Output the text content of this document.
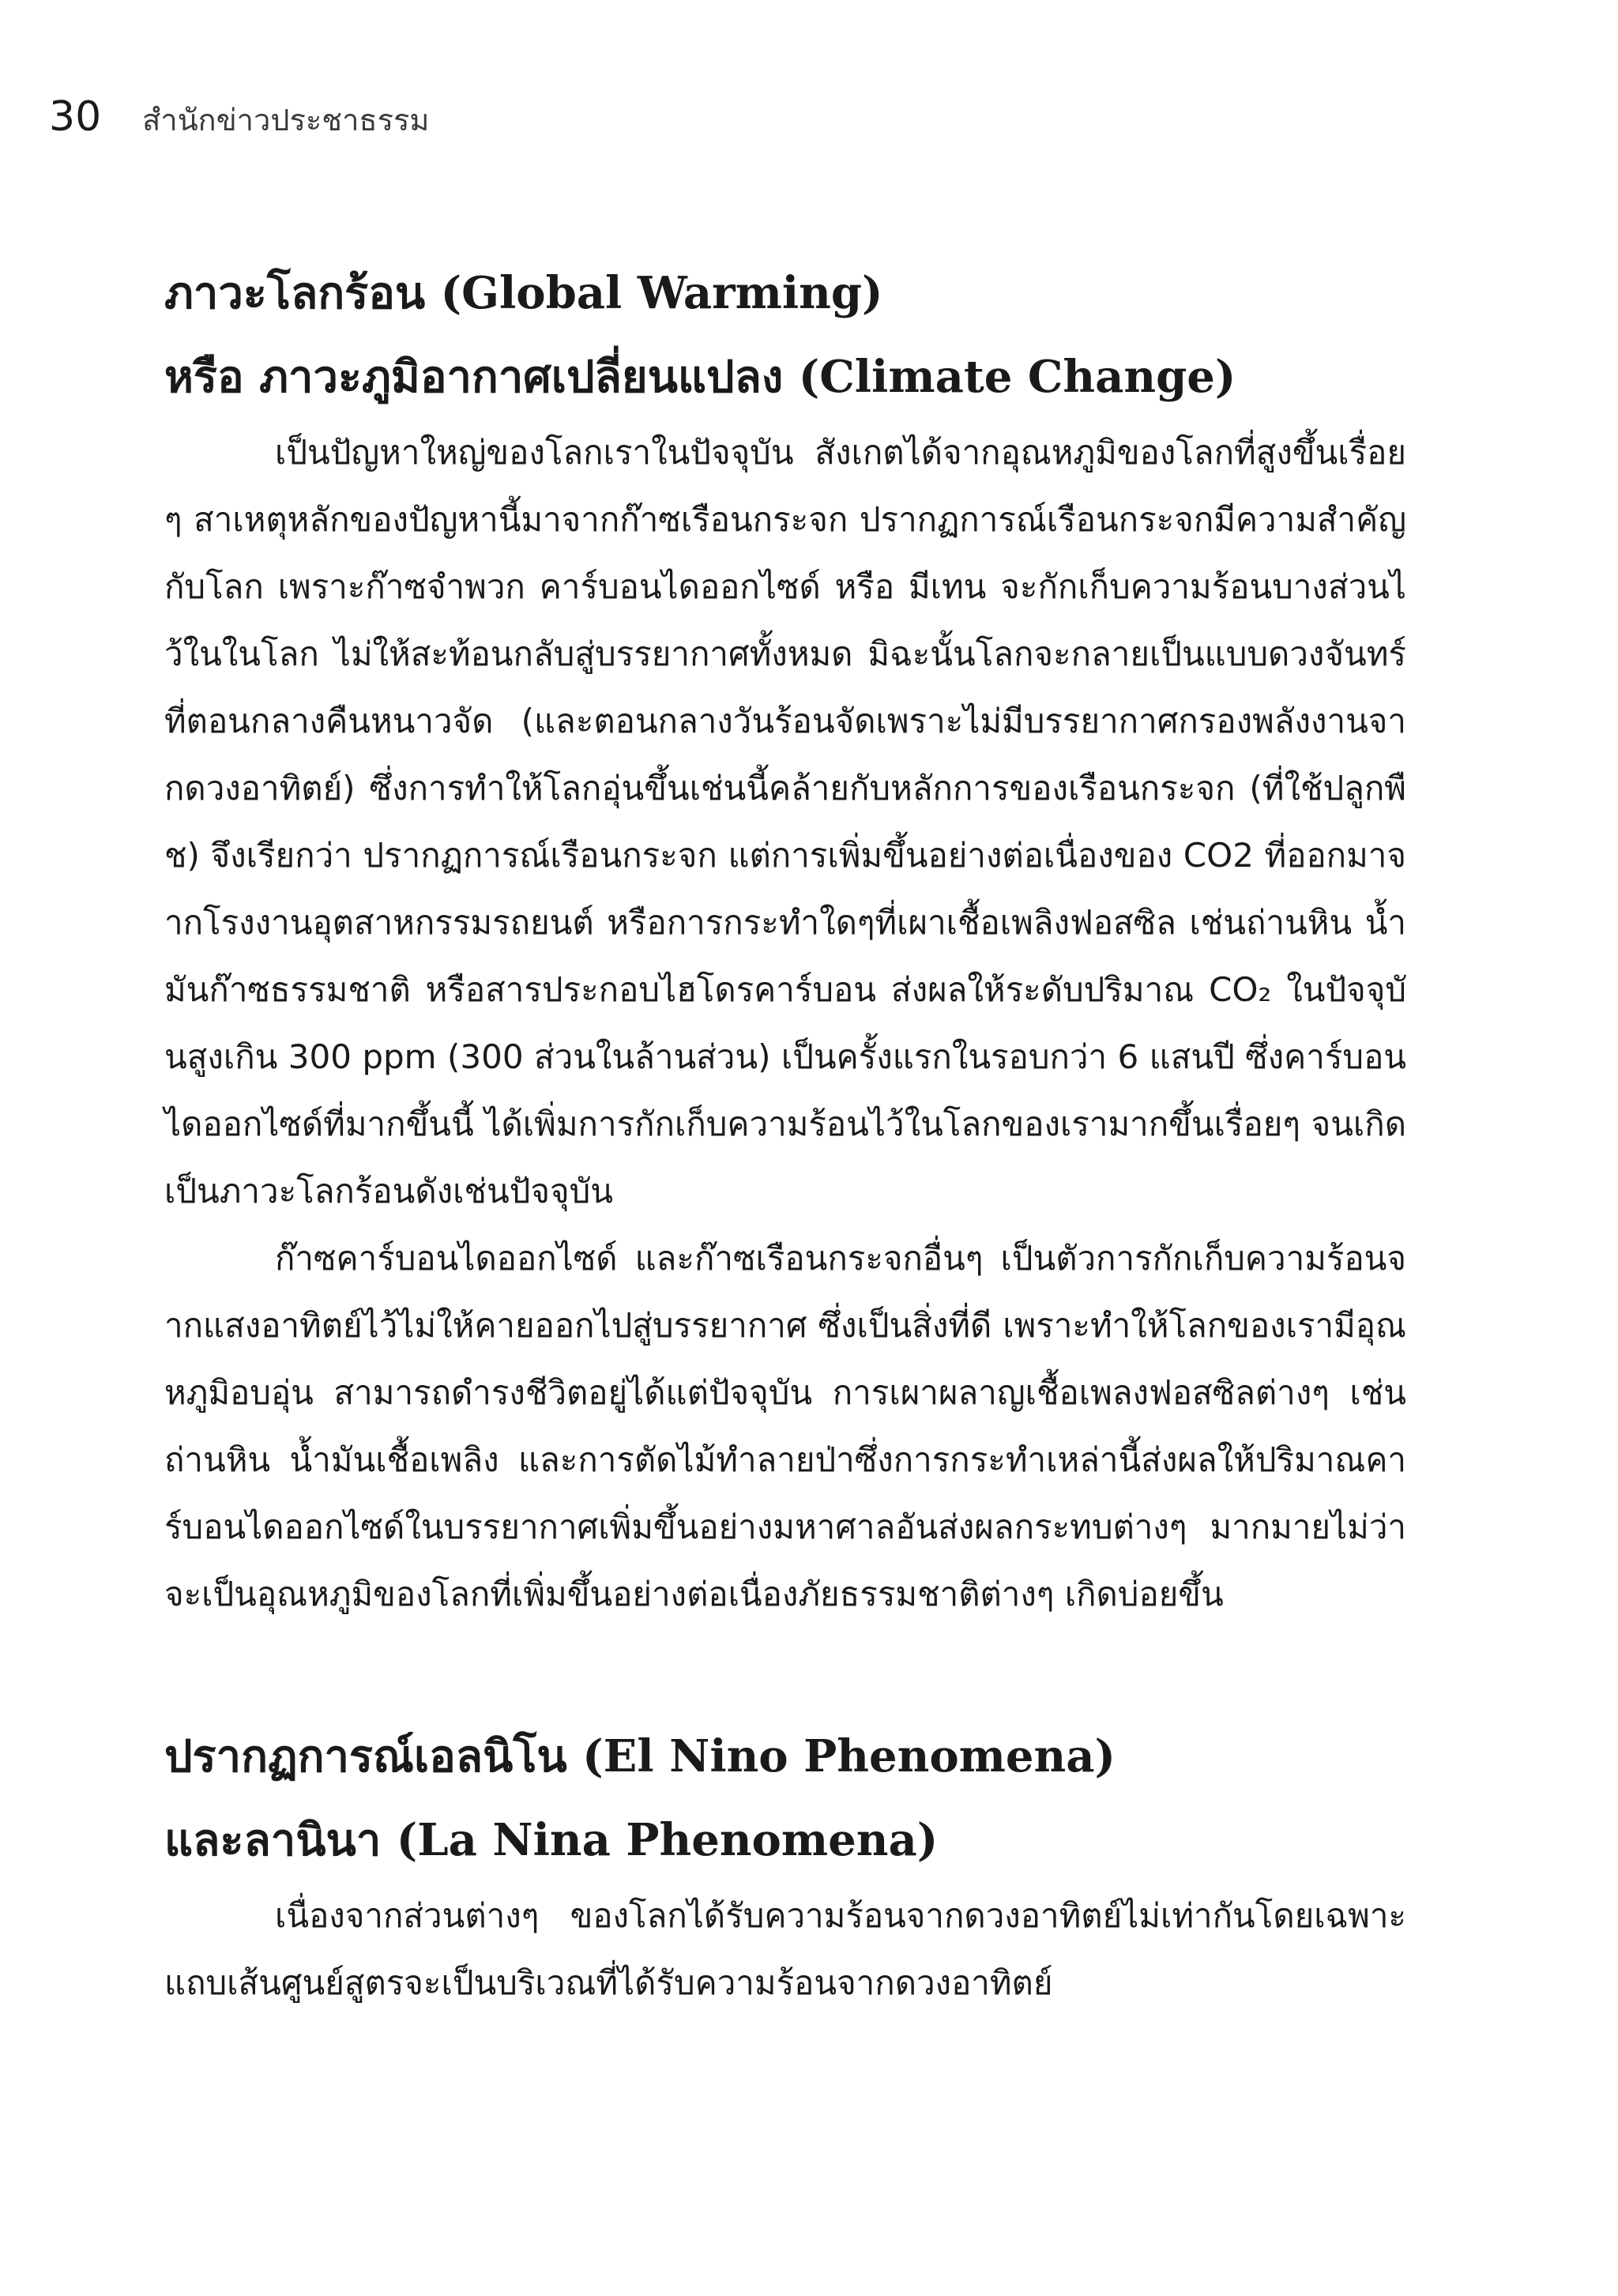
30 สำนักข่าวประชาธรรม
ภาวะโลกร้อน (Global Warming)
หรือ ภาวะภูมิอากาศเปลี่ยนแปลง (Climate Change)

เป็นปัญหาใหญ่ของโลกเราในปัจจุบัน สังเกตได้จากอุณหภูมิของโลกที่สูงขึ้นเรื่อยๆ สาเหตุหลักของปัญหานี้มาจากก๊าซเรือนกระจก ปรากฏการณ์เรือนกระจกมีความสำคัญกับโลก เพราะก๊าซจำพวก คาร์บอนไดออกไซด์ หรือ มีเทน จะกักเก็บความร้อนบางส่วนไว้ในในโลก ไม่ให้สะท้อนกลับสู่บรรยากาศทั้งหมด มิฉะนั้นโลกจะกลายเป็นแบบดวงจันทร์ ที่ตอนกลางคืนหนาวจัด (และตอนกลางวันร้อนจัดเพราะไม่มีบรรยากาศกรองพลังงานจากดวงอาทิตย์) ซึ่งการทำให้โลกอุ่นขึ้นเช่นนี้คล้ายกับหลักการของเรือนกระจก (ที่ใช้ปลูกพืช) จึงเรียกว่า ปรากฏการณ์เรือนกระจก แต่การเพิ่มขึ้นอย่างต่อเนื่องของ CO2 ที่ออกมาจากโรงงานอุตสาหกรรมรถยนต์ หรือการกระทำใดๆที่เผาเชื้อเพลิงฟอสซิล เช่นถ่านหิน น้ำมันก๊าซธรรมชาติ หรือสารประกอบไฮโดรคาร์บอน ส่งผลให้ระดับปริมาณ CO₂ ในปัจจุบันสูงเกิน 300 ppm (300 ส่วนในล้านส่วน) เป็นครั้งแรกในรอบกว่า 6 แสนปี ซึ่งคาร์บอนไดออกไซด์ที่มากขึ้นนี้ ได้เพิ่มการกักเก็บความร้อนไว้ในโลกของเรามากขึ้นเรื่อยๆ จนเกิดเป็นภาวะโลกร้อนดังเช่นปัจจุบัน

ก๊าซคาร์บอนไดออกไซด์ และก๊าซเรือนกระจกอื่นๆ เป็นตัวการกักเก็บความร้อนจากแสงอาทิตย์ไว้ไม่ให้คายออกไปสู่บรรยากาศ ซึ่งเป็นสิ่งที่ดี เพราะทำให้โลกของเรามีอุณหภูมิอบอุ่น สามารถดำรงชีวิตอยู่ได้แต่ปัจจุบัน การเผาผลาญเชื้อเพลงฟอสซิลต่างๆ เช่น ถ่านหิน น้ำมันเชื้อเพลิง และการตัดไม้ทำลายป่าซึ่งการกระทำเหล่านี้ส่งผลให้ปริมาณคาร์บอนไดออกไซด์ในบรรยากาศเพิ่มขึ้นอย่างมหาศาลอันส่งผลกระทบต่างๆ มากมายไม่ว่าจะเป็นอุณหภูมิของโลกที่เพิ่มขึ้นอย่างต่อเนื่องภัยธรรมชาติต่างๆ เกิดบ่อยขึ้น

ปรากฏการณ์เอลนิโน (El Nino Phenomena)
และลานินา (La Nina Phenomena)

เนื่องจากส่วนต่างๆ ของโลกได้รับความร้อนจากดวงอาทิตย์ไม่เท่ากันโดยเฉพาะแถบเส้นศูนย์สูตรจะเป็นบริเวณที่ได้รับความร้อนจากดวงอาทิตย์
